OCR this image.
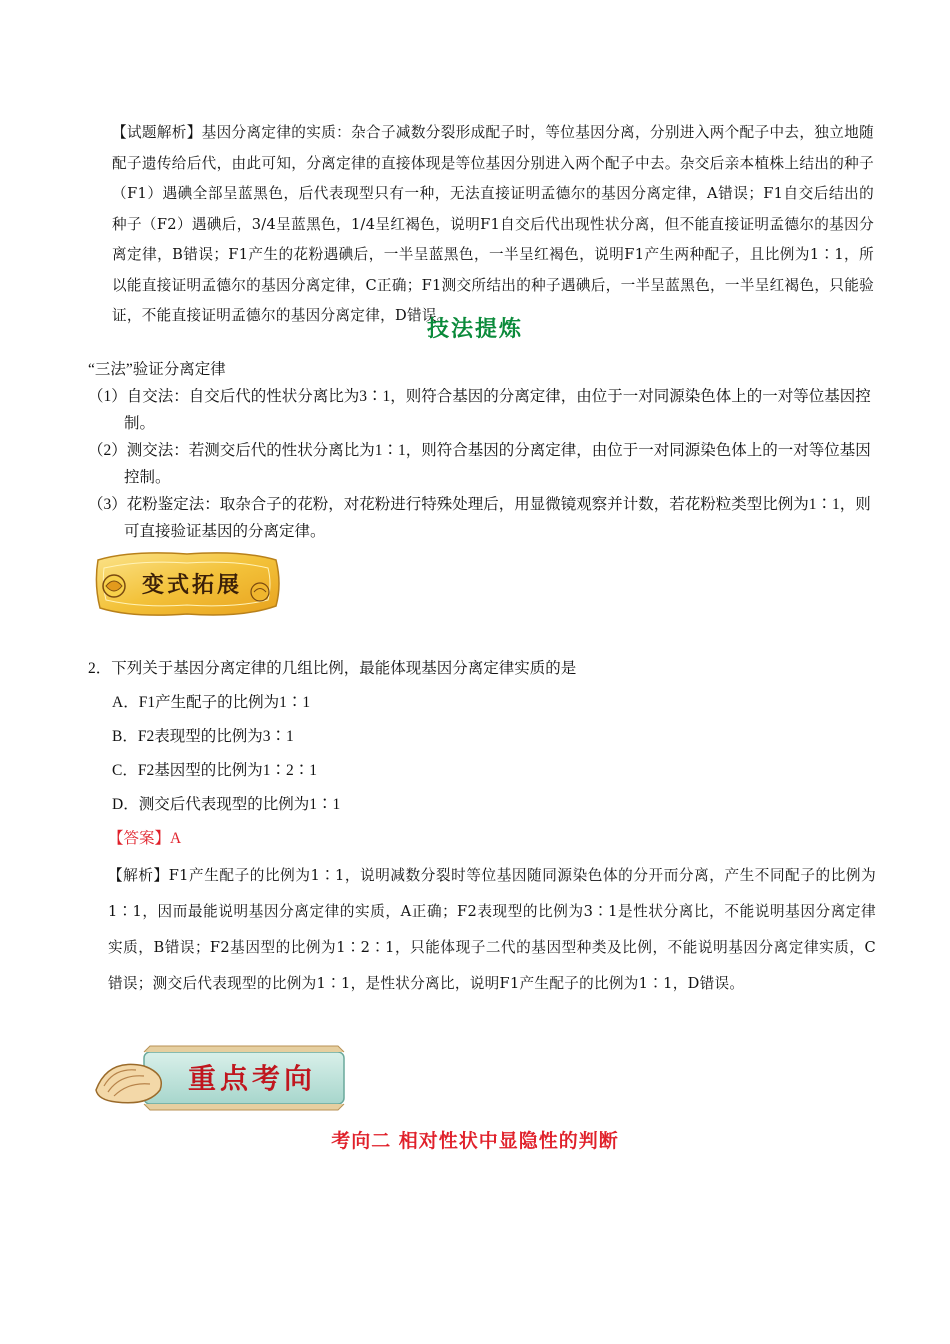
【试题解析】基因分离定律的实质：杂合子减数分裂形成配子时，等位基因分离，分别进入两个配子中去，独立地随配子遗传给后代，由此可知，分离定律的直接体现是等位基因分别进入两个配子中去。杂交后亲本植株上结出的种子（F1）遇碘全部呈蓝黑色，后代表现型只有一种，无法直接证明孟德尔的基因分离定律，A错误；F1自交后结出的种子（F2）遇碘后，3/4呈蓝黑色，1/4呈红褐色，说明F1自交后代出现性状分离，但不能直接证明孟德尔的基因分离定律，B错误；F1产生的花粉遇碘后，一半呈蓝黑色，一半呈红褐色，说明F1产生两种配子，且比例为1∶1，所以能直接证明孟德尔的基因分离定律，C正确；F1测交所结出的种子遇碘后，一半呈蓝黑色，一半呈红褐色，只能验证，不能直接证明孟德尔的基因分离定律，D错误。
技法提炼
“三法”验证分离定律
（1）自交法：自交后代的性状分离比为3∶1，则符合基因的分离定律，由位于一对同源染色体上的一对等位基因控制。
（2）测交法：若测交后代的性状分离比为1∶1，则符合基因的分离定律，由位于一对同源染色体上的一对等位基因控制。
（3）花粉鉴定法：取杂合子的花粉，对花粉进行特殊处理后，用显微镜观察并计数，若花粉粒类型比例为1∶1，则可直接验证基因的分离定律。
变式拓展
2．下列关于基因分离定律的几组比例，最能体现基因分离定律实质的是
A．F1产生配子的比例为1∶1
B．F2表现型的比例为3∶1
C．F2基因型的比例为1∶2∶1
D．测交后代表现型的比例为1∶1
【答案】A
【解析】F1产生配子的比例为1∶1，说明减数分裂时等位基因随同源染色体的分开而分离，产生不同配子的比例为1∶1，因而最能说明基因分离定律的实质，A正确；F2表现型的比例为3∶1是性状分离比，不能说明基因分离定律实质，B错误；F2基因型的比例为1∶2∶1，只能体现子二代的基因型种类及比例，不能说明基因分离定律实质，C错误；测交后代表现型的比例为1∶1，是性状分离比，说明F1产生配子的比例为1∶1，D错误。
重点考向
考向二 相对性状中显隐性的判断
